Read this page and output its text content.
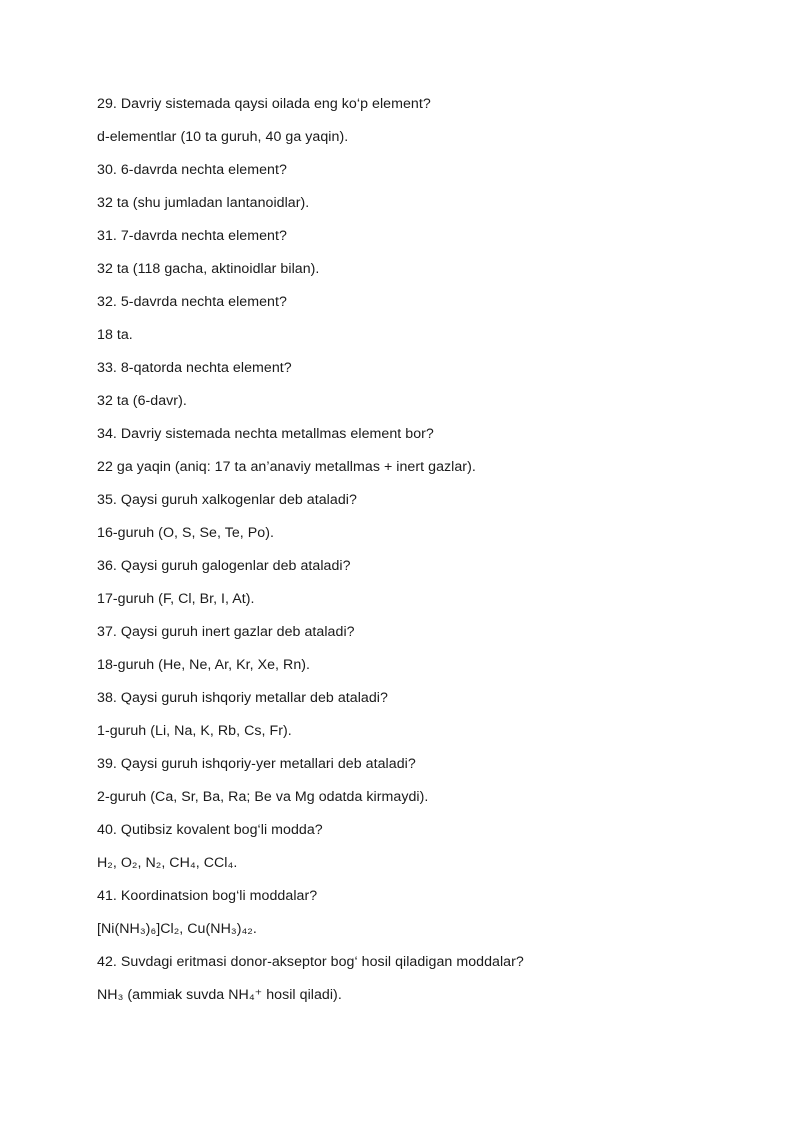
29. Davriy sistemada qaysi oilada eng ko‘p element?
d-elementlar (10 ta guruh, 40 ga yaqin).
30. 6-davrda nechta element?
32 ta (shu jumladan lantanoidlar).
31. 7-davrda nechta element?
32 ta (118 gacha, aktinoidlar bilan).
32. 5-davrda nechta element?
18 ta.
33. 8-qatorda nechta element?
32 ta (6-davr).
34. Davriy sistemada nechta metallmas element bor?
22 ga yaqin (aniq: 17 ta an’anaviy metallmas + inert gazlar).
35. Qaysi guruh xalkogenlar deb ataladi?
16-guruh (O, S, Se, Te, Po).
36. Qaysi guruh galogenlar deb ataladi?
17-guruh (F, Cl, Br, I, At).
37. Qaysi guruh inert gazlar deb ataladi?
18-guruh (He, Ne, Ar, Kr, Xe, Rn).
38. Qaysi guruh ishqoriy metallar deb ataladi?
1-guruh (Li, Na, K, Rb, Cs, Fr).
39. Qaysi guruh ishqoriy-yer metallari deb ataladi?
2-guruh (Ca, Sr, Ba, Ra; Be va Mg odatda kirmaydi).
40. Qutibsiz kovalent bog‘li modda?
H₂, O₂, N₂, CH₄, CCl₄.
41. Koordinatsion bog‘li moddalar?
[Ni(NH₃)₆]Cl₂, Cu(NH₃)₄₂.
42. Suvdagi eritmasi donor-akseptor bog‘ hosil qiladigan moddalar?
NH₃ (ammiak suvda NH₄⁺ hosil qiladi).
